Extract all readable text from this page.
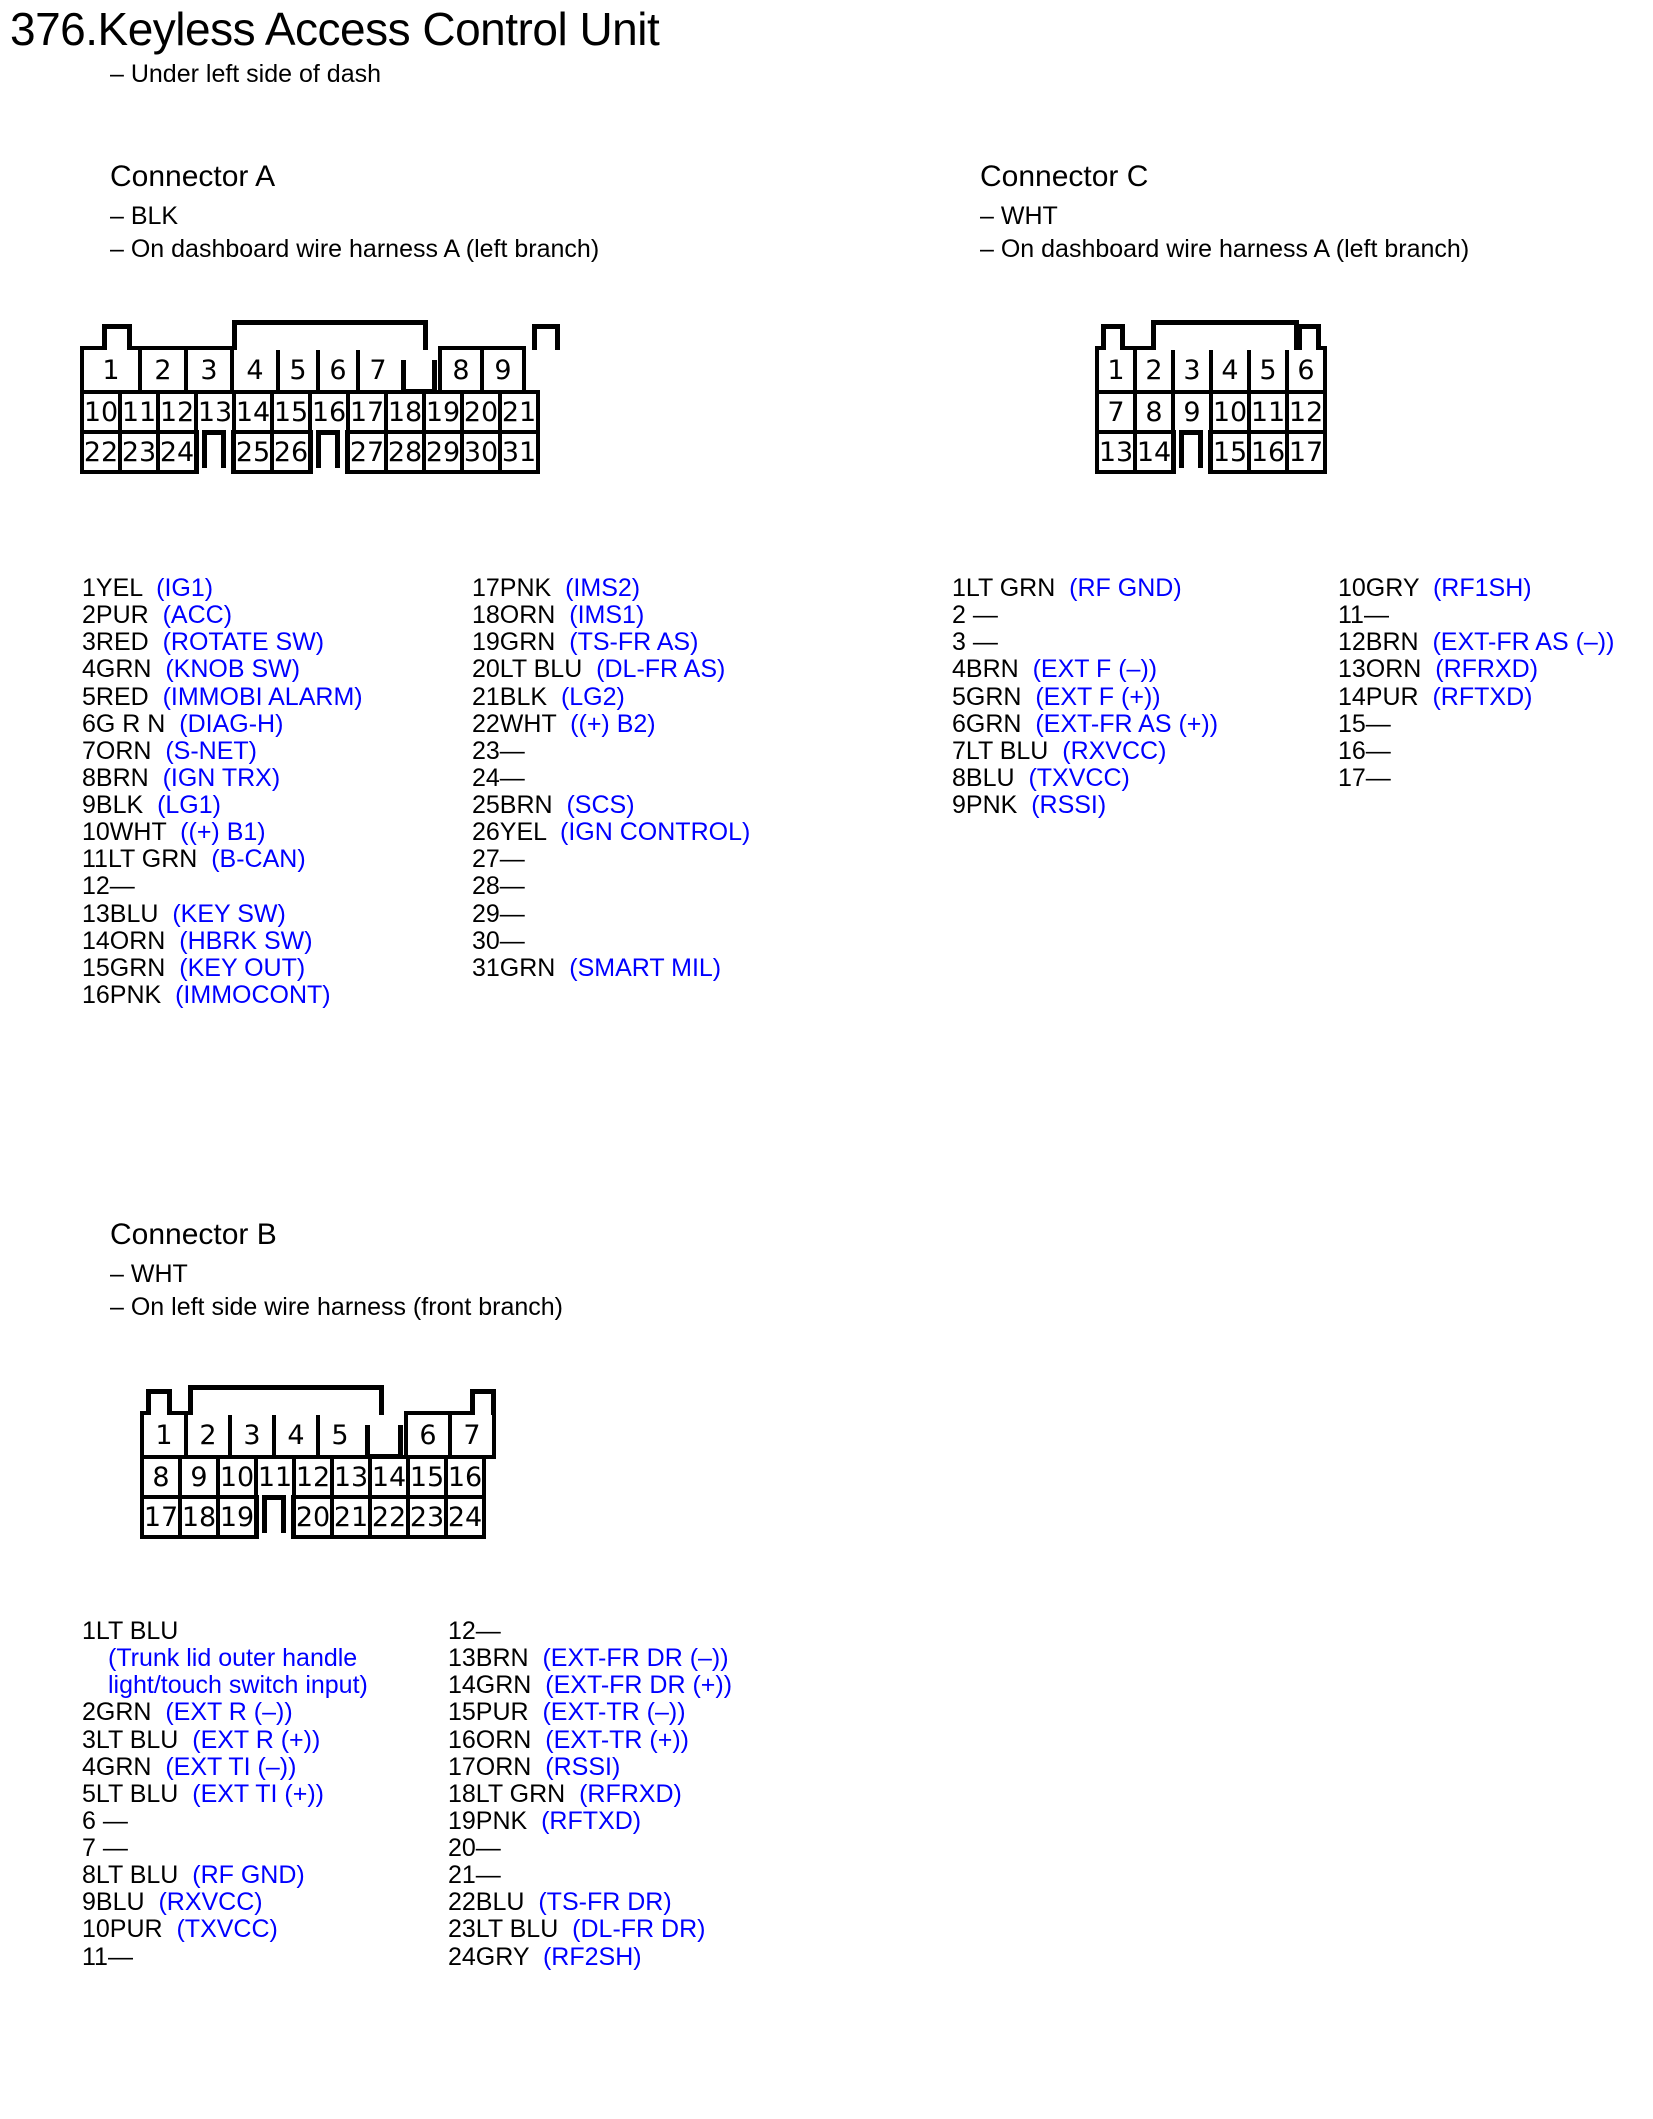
376.Keyless Access Control Unit
– Under left side of dash
Connector A
– BLK
– On dashboard wire harness A (left branch)
1	2	3	4 5 6 7	8 9
10 11 12 13 14 15 16 17 18 19 20 21
22 23 24 25 26 27 28 29 30 31
1YEL  (IG1)
2PUR  (ACC)
3RED  (ROTATE SW)
4GRN  (KNOB SW)
5RED  (IMMOBI ALARM)
6G R N  (DIAG-H)
7ORN  (S-NET)
8BRN  (IGN TRX)
9BLK  (LG1)
10WHT  ((+) B1)
11LT GRN  (B-CAN)
12—
13BLU  (KEY SW)
14ORN  (HBRK SW)
15GRN  (KEY OUT)
16PNK  (IMMOCONT)
17PNK  (IMS2)
18ORN  (IMS1)
19GRN  (TS-FR AS)
20LT BLU  (DL-FR AS)
21BLK  (LG2)
22WHT  ((+) B2)
23—
24—
25BRN  (SCS)
26YEL  (IGN CONTROL)
27—
28—
29—
30—
31GRN  (SMART MIL)
Connector C
– WHT
– On dashboard wire harness A (left branch)
1 2 3 4 5 6
7 8 9 10 11 12
13 14 15 16 17
1LT GRN  (RF GND)
2 —
3 —
4BRN  (EXT F (–))
5GRN  (EXT F (+))
6GRN  (EXT-FR AS (+))
7LT BLU  (RXVCC)
8BLU  (TXVCC)
9PNK  (RSSI)
10GRY  (RF1SH)
11—
12BRN  (EXT-FR AS (–))
13ORN  (RFRXD)
14PUR  (RFTXD)
15—
16—
17—
Connector B
– WHT
– On left side wire harness (front branch)
1 2 3 4 5	6 7
8 9 10 11 12 13 14 15 16
17 18 19 20 21 22 23 24
1LT BLU
(Trunk lid outer handle
light/touch switch input)
2GRN  (EXT R (–))
3LT BLU  (EXT R (+))
4GRN  (EXT TI (–))
5LT BLU  (EXT TI (+))
6 —
7 —
8LT BLU  (RF GND)
9BLU  (RXVCC)
10PUR  (TXVCC)
11—
12—
13BRN  (EXT-FR DR (–))
14GRN  (EXT-FR DR (+))
15PUR  (EXT-TR (–))
16ORN  (EXT-TR (+))
17ORN  (RSSI)
18LT GRN  (RFRXD)
19PNK  (RFTXD)
20—
21—
22BLU  (TS-FR DR)
23LT BLU  (DL-FR DR)
24GRY  (RF2SH)
